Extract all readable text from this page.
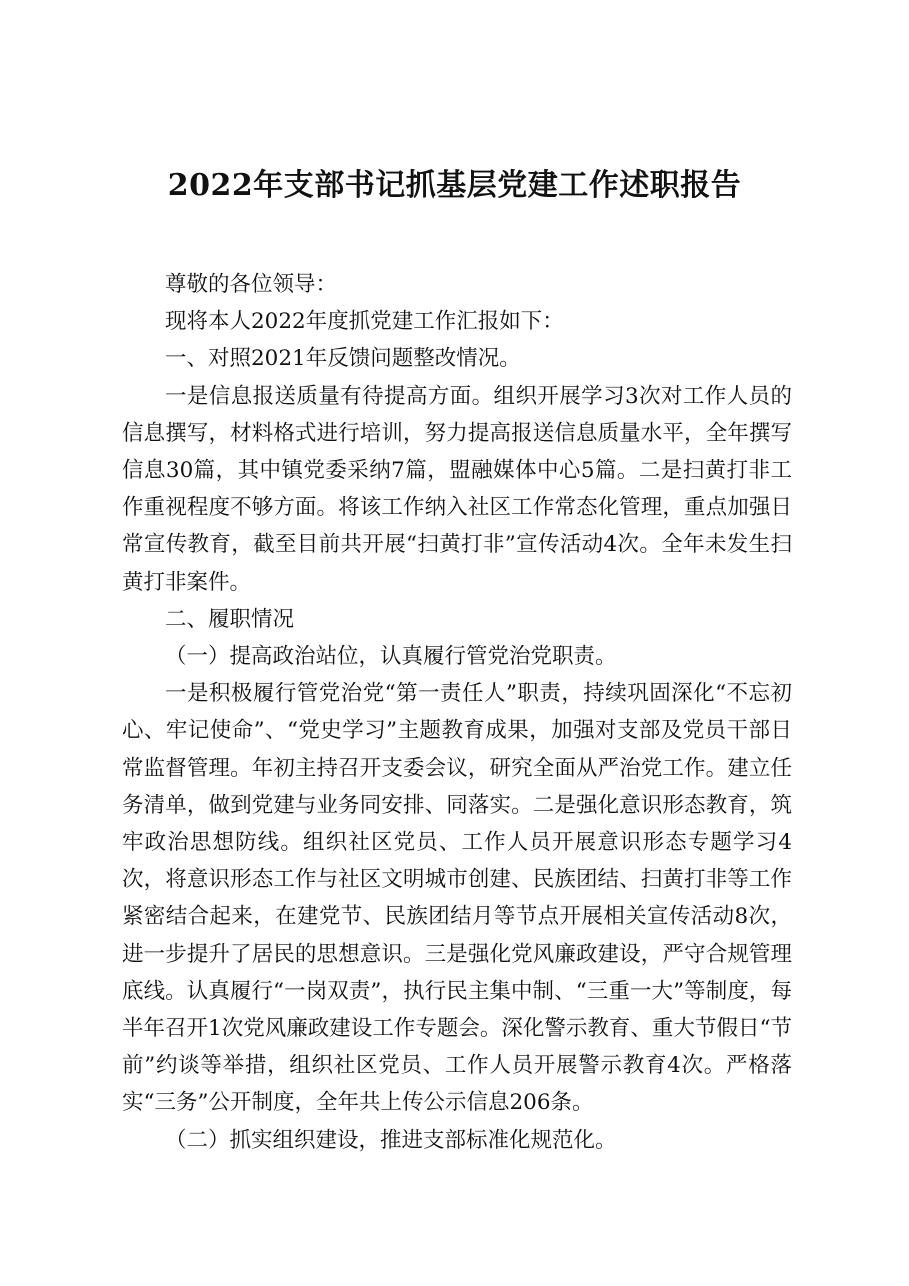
2022年支部书记抓基层党建工作述职报告

尊敬的各位领导：

现将本人2022年度抓党建工作汇报如下：

一、对照2021年反馈问题整改情况。

一是信息报送质量有待提高方面。组织开展学习3次对工作人员的信息撰写，材料格式进行培训，努力提高报送信息质量水平，全年撰写信息30篇，其中镇党委采纳7篇，盟融媒体中心5篇。二是扫黄打非工作重视程度不够方面。将该工作纳入社区工作常态化管理，重点加强日常宣传教育，截至目前共开展“扫黄打非”宣传活动4次。全年未发生扫黄打非案件。

二、履职情况

（一）提高政治站位，认真履行管党治党职责。

一是积极履行管党治党“第一责任人”职责，持续巩固深化“不忘初心、牢记使命”、“党史学习”主题教育成果，加强对支部及党员干部日常监督管理。年初主持召开支委会议，研究全面从严治党工作。建立任务清单，做到党建与业务同安排、同落实。二是强化意识形态教育，筑牢政治思想防线。组织社区党员、工作人员开展意识形态专题学习4次，将意识形态工作与社区文明城市创建、民族团结、扫黄打非等工作紧密结合起来，在建党节、民族团结月等节点开展相关宣传活动8次，进一步提升了居民的思想意识。三是强化党风廉政建设，严守合规管理底线。认真履行“一岗双责”，执行民主集中制、“三重一大”等制度，每半年召开1次党风廉政建设工作专题会。深化警示教育、重大节假日“节前”约谈等举措，组织社区党员、工作人员开展警示教育4次。严格落实“三务”公开制度，全年共上传公示信息206条。

（二）抓实组织建设，推进支部标准化规范化。
